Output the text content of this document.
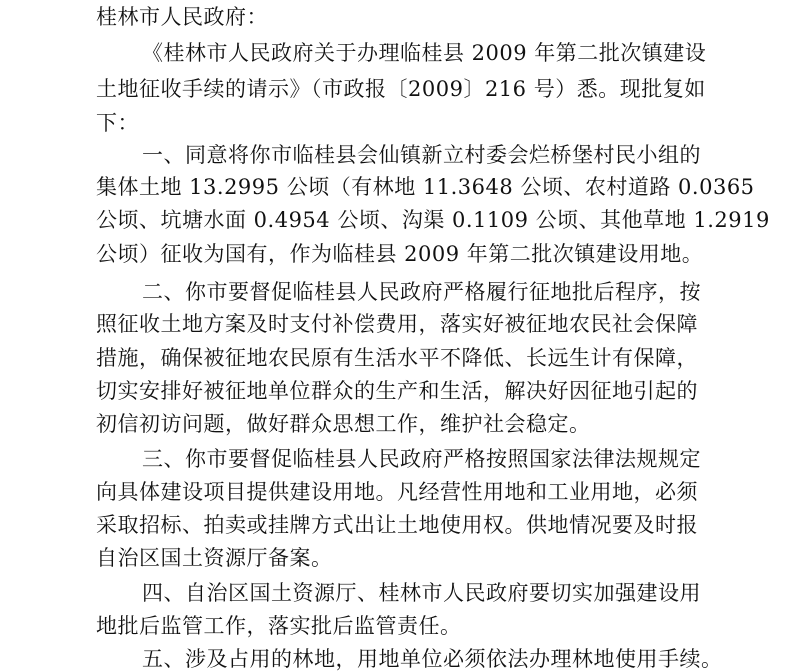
桂林市人民政府：
《桂林市人民政府关于办理临桂县 2009 年第二批次镇建设
土地征收手续的请示》（市政报〔2009〕216 号）悉。现批复如
下：
一、同意将你市临桂县会仙镇新立村委会烂桥堡村民小组的
集体土地 13.2995 公顷（有林地 11.3648 公顷、农村道路 0.0365
公顷、坑塘水面 0.4954 公顷、沟渠 0.1109 公顷、其他草地 1.2919
公顷）征收为国有，作为临桂县 2009 年第二批次镇建设用地。
二、你市要督促临桂县人民政府严格履行征地批后程序，按
照征收土地方案及时支付补偿费用，落实好被征地农民社会保障
措施，确保被征地农民原有生活水平不降低、长远生计有保障，
切实安排好被征地单位群众的生产和生活，解决好因征地引起的
初信初访问题，做好群众思想工作，维护社会稳定。
三、你市要督促临桂县人民政府严格按照国家法律法规规定
向具体建设项目提供建设用地。凡经营性用地和工业用地，必须
采取招标、拍卖或挂牌方式出让土地使用权。供地情况要及时报
自治区国土资源厅备案。
四、自治区国土资源厅、桂林市人民政府要切实加强建设用
地批后监管工作，落实批后监管责任。
五、涉及占用的林地，用地单位必须依法办理林地使用手续。
